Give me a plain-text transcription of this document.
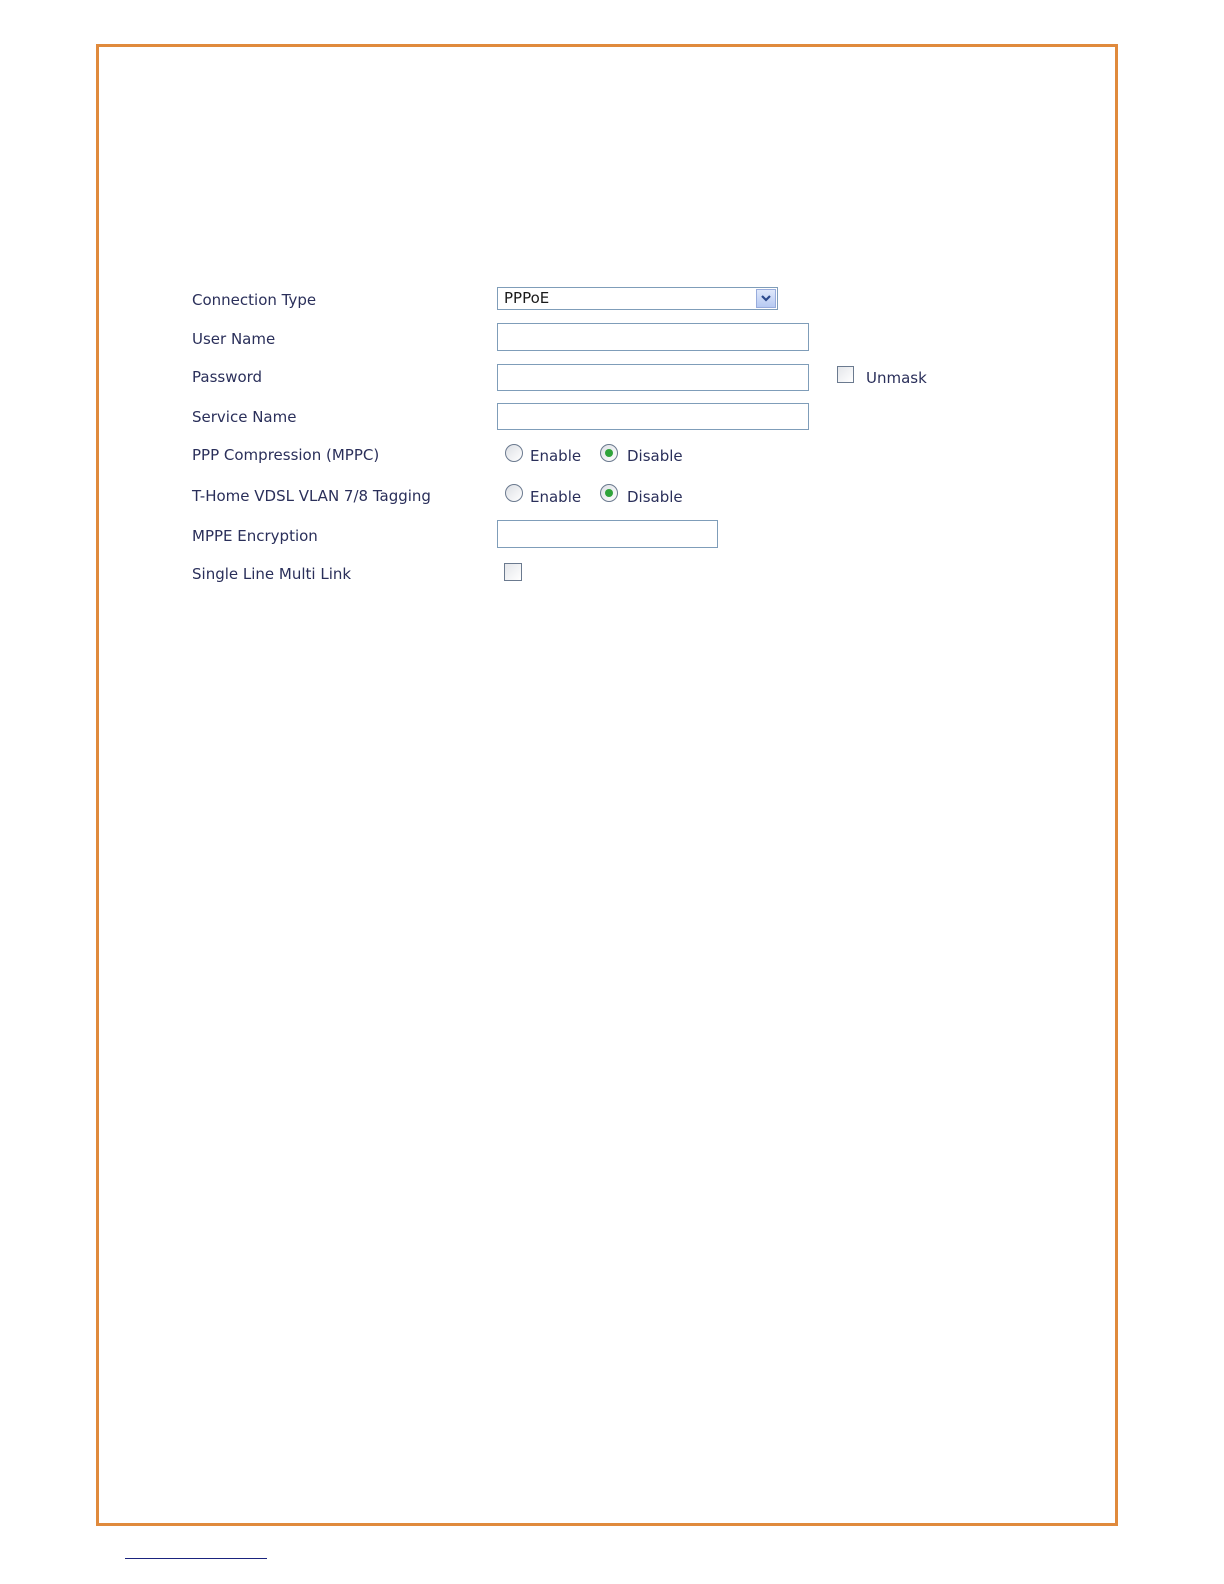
Connection Type	PPPoE
User Name
Password	Unmask
Service Name
PPP Compression (MPPC)	Enable	Disable
T-Home VDSL VLAN 7/8 Tagging	Enable	Disable
MPPE Encryption
Single Line Multi Link
